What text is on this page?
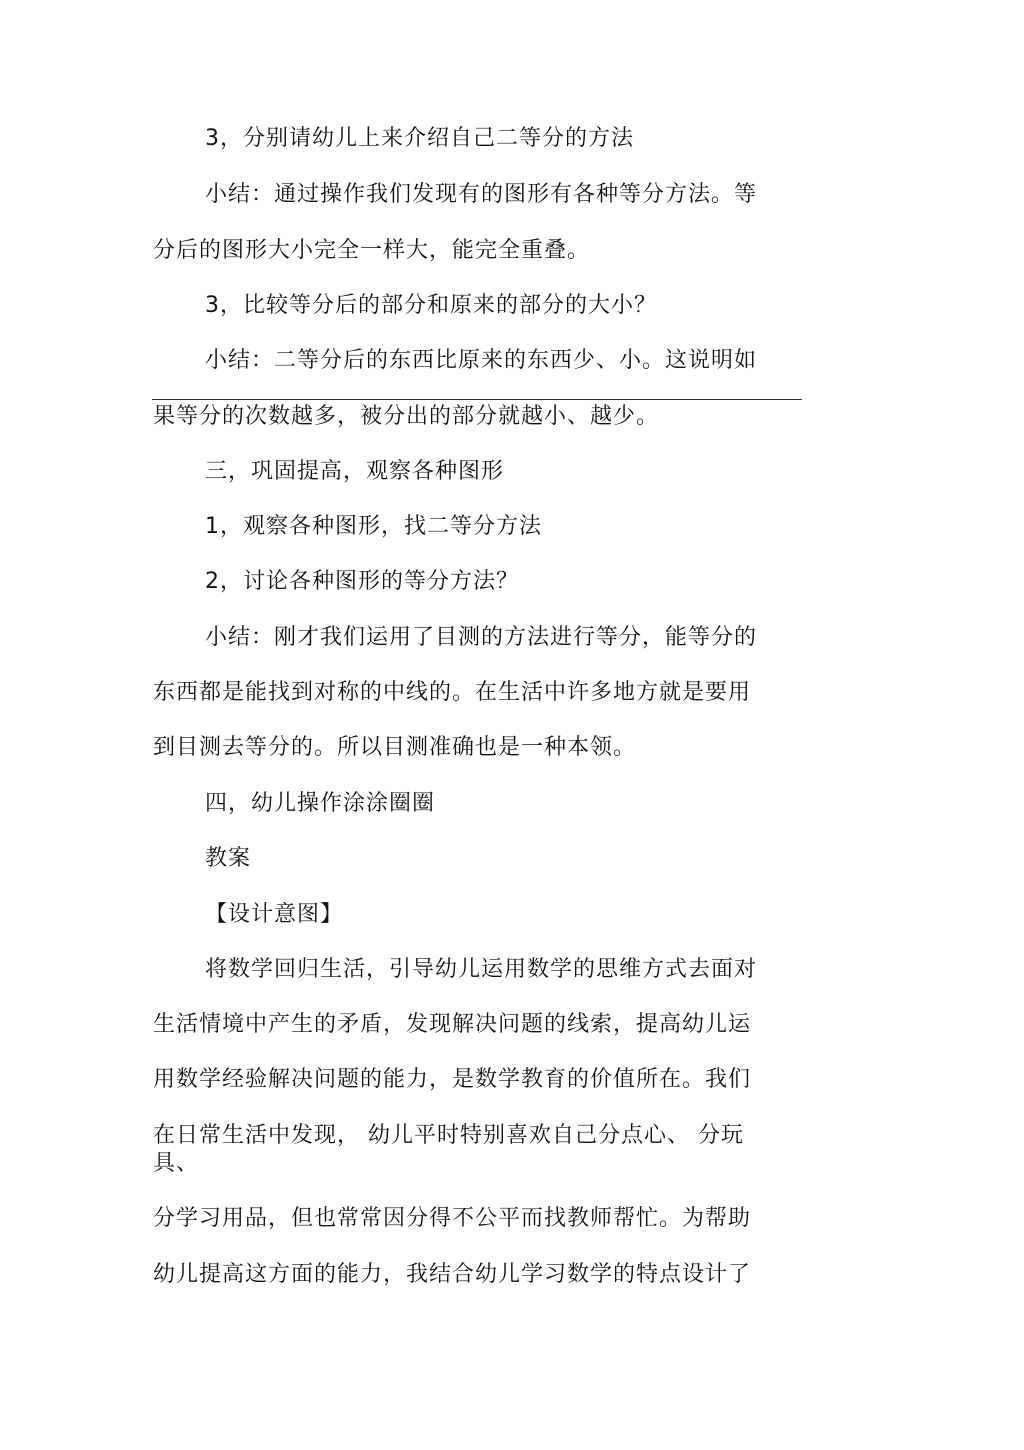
3，分别请幼儿上来介绍自己二等分的方法
小结：通过操作我们发现有的图形有各种等分方法。等
分后的图形大小完全一样大，能完全重叠。
3，比较等分后的部分和原来的部分的大小？
小结：二等分后的东西比原来的东西少、小。这说明如
果等分的次数越多，被分出的部分就越小、越少。
三，巩固提高，观察各种图形
1，观察各种图形，找二等分方法
2，讨论各种图形的等分方法？
小结：刚才我们运用了目测的方法进行等分，能等分的
东西都是能找到对称的中线的。在生活中许多地方就是要用
到目测去等分的。所以目测准确也是一种本领。
四，幼儿操作涂涂圈圈
教案
【设计意图】
将数学回归生活，引导幼儿运用数学的思维方式去面对
生活情境中产生的矛盾，发现解决问题的线索，提高幼儿运
用数学经验解决问题的能力，是数学教育的价值所在。我们
在日常生活中发现， 幼儿平时特别喜欢自己分点心、 分玩
具、
分学习用品，但也常常因分得不公平而找教师帮忙。为帮助
幼儿提高这方面的能力，我结合幼儿学习数学的特点设计了
